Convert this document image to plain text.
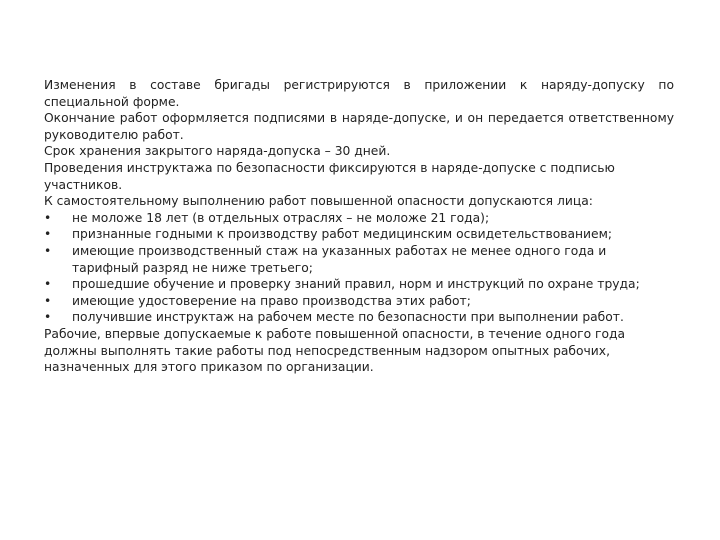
Изменения в составе бригады регистрируются в приложении к наряду-допуску по специальной форме.

Окончание работ оформляется подписями в наряде-допуске, и он передается ответственному руководителю работ.

Срок хранения закрытого наряда-допуска – 30 дней.

Проведения инструктажа по безопасности фиксируются в наряде-допуске с подписью участников.

К самостоятельному выполнению работ повышенной опасности допускаются лица:

•	не моложе 18 лет (в отдельных отраслях – не моложе 21 года);
•	признанные годными к производству работ медицинским освидетельствованием;
•	имеющие производственный стаж на указанных работах не менее одного года и тарифный разряд не ниже третьего;
•	прошедшие обучение и проверку знаний правил, норм и инструкций по охране труда;
•	имеющие удостоверение на право производства этих работ;
•	получившие инструктаж на рабочем месте по безопасности при выполнении работ.

Рабочие, впервые допускаемые к работе повышенной опасности, в течение одного года должны выполнять такие работы под непосредственным надзором опытных рабочих, назначенных для этого приказом по организации.
